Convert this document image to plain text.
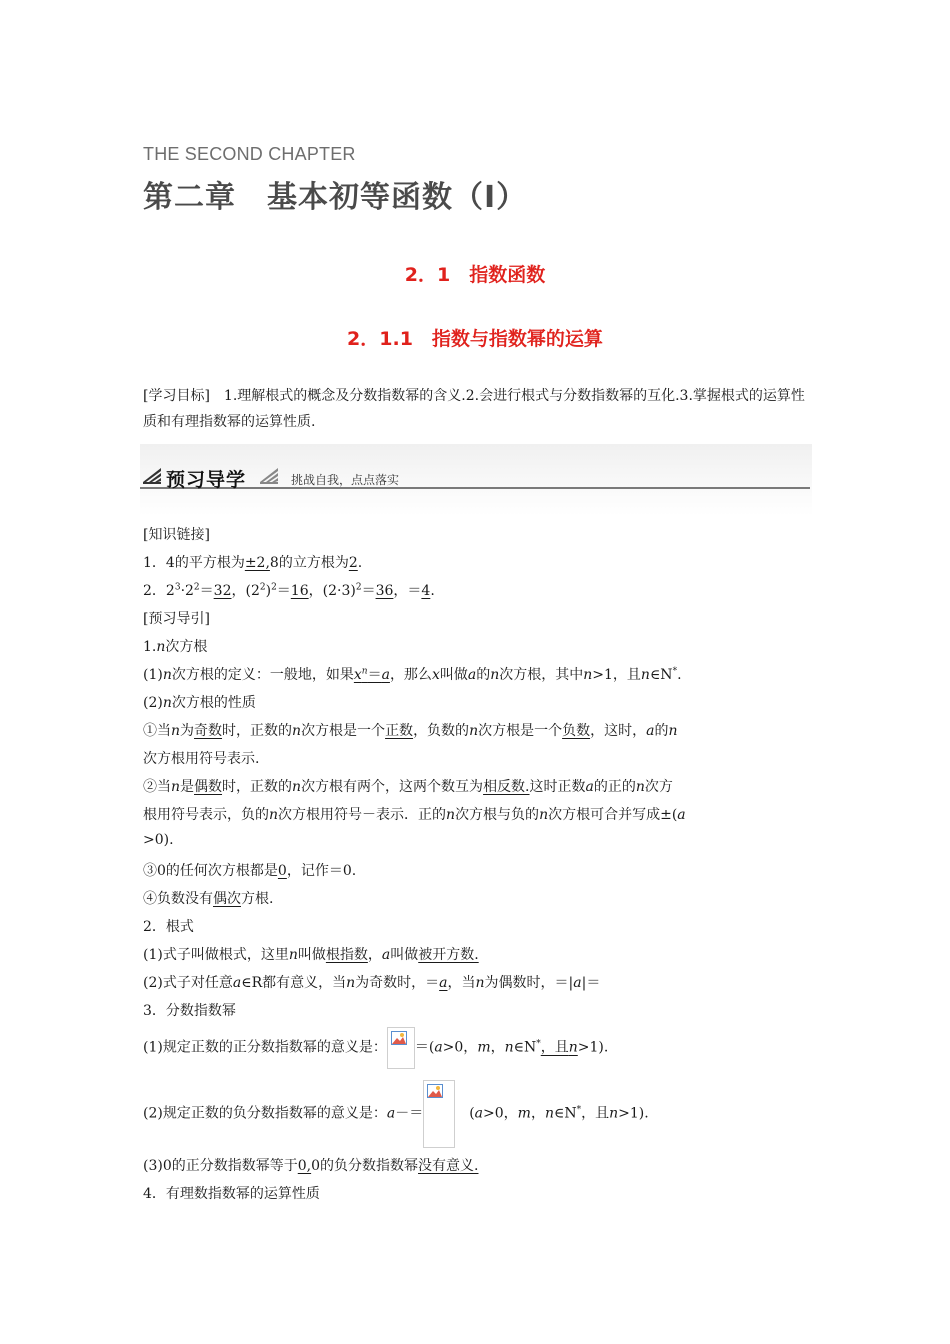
THE SECOND CHAPTER
第二章　基本初等函数（Ⅰ）
2．1　指数函数
2．1.1　指数与指数幂的运算
[学习目标]　1.理解根式的概念及分数指数幂的含义.2.会进行根式与分数指数幂的互化.3.掌握根式的运算性质和有理指数幂的运算性质.
预习导学	挑战自我，点点落实
[知识链接]
1．4的平方根为±2,8的立方根为2.
2．$2^3\cdot 2^2=32$，$(2^2)^2=16$，$(2\cdot 3)^2=36$，＝4.
[预习导引]
1.n次方根
(1)n次方根的定义：一般地，如果$x^n=a$，那么x叫做a的n次方根，其中n>1，且n∈N*.
(2)n次方根的性质
①当n为奇数时，正数的n次方根是一个正数，负数的n次方根是一个负数，这时，a的n
次方根用符号表示.
②当n是偶数时，正数的n次方根有两个，这两个数互为相反数.这时正数a的正的n次方
根用符号表示，负的n次方根用符号－表示．正的n次方根与负的n次方根可合并写成±(a
>0).
③0的任何次方根都是0，记作＝0.
④负数没有偶次方根.
2．根式
(1)式子叫做根式，这里n叫做根指数，a叫做被开方数.
(2)式子对任意a∈R都有意义，当n为奇数时，＝a，当n为偶数时，＝|a|＝
3．分数指数幂
(1)规定正数的正分数指数幂的意义是： ＝(a>0，m，n∈N*，且n>1).
(2)规定正数的负分数指数幂的意义是：a－＝	(a>0，m，n∈N*，且n>1).
(3)0的正分数指数幂等于0,0的负分数指数幂没有意义.
4．有理数指数幂的运算性质
